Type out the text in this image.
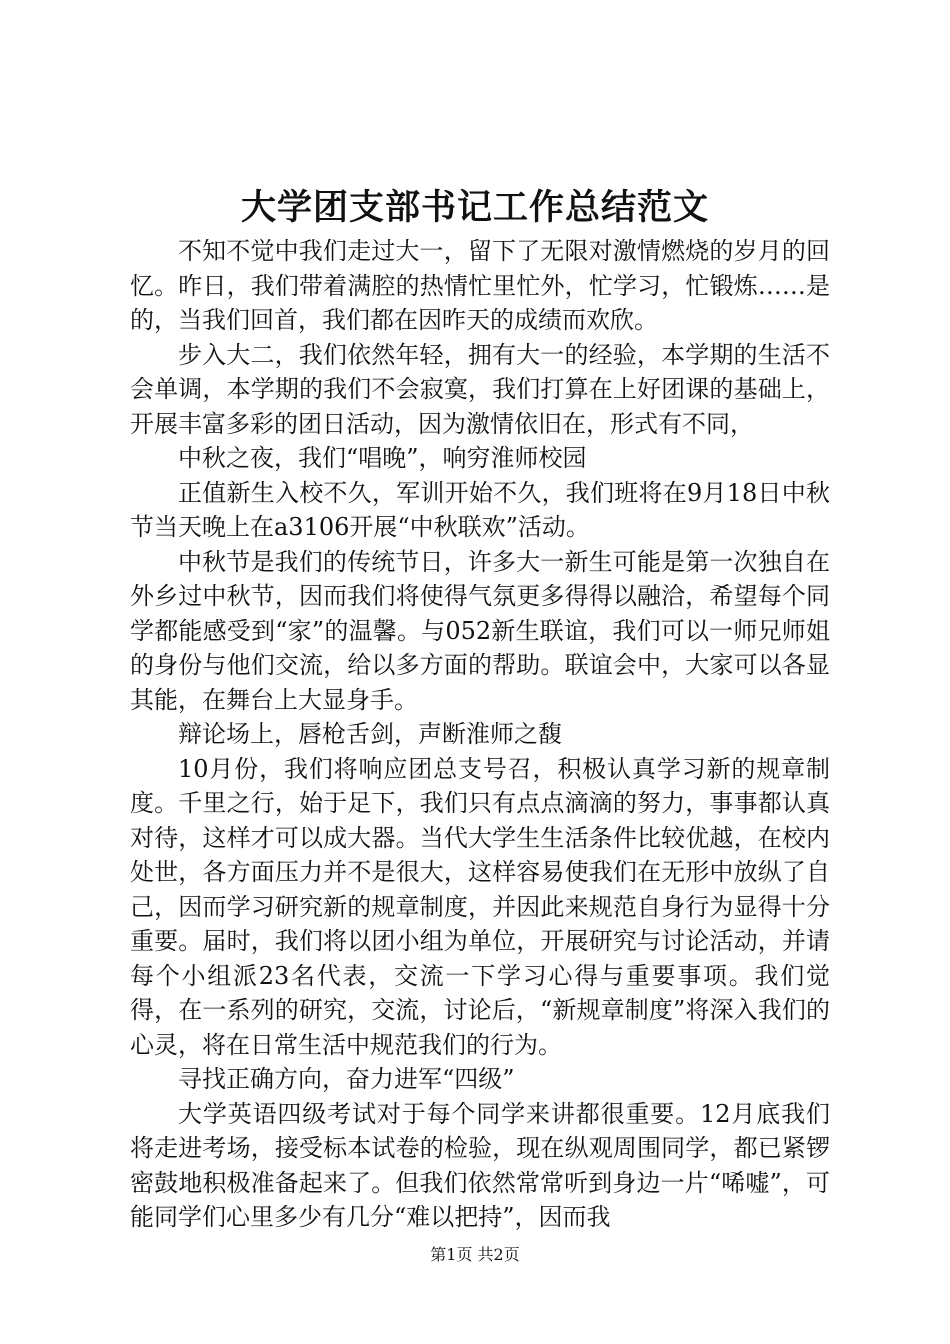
大学团支部书记工作总结范文

不知不觉中我们走过大一，留下了无限对激情燃烧的岁月的回忆。昨日，我们带着满腔的热情忙里忙外，忙学习，忙锻炼……是的，当我们回首，我们都在因昨天的成绩而欢欣。

步入大二，我们依然年轻，拥有大一的经验，本学期的生活不会单调，本学期的我们不会寂寞，我们打算在上好团课的基础上，开展丰富多彩的团日活动，因为激情依旧在，形式有不同，

中秋之夜，我们“唱晚”，响穷淮师校园

正值新生入校不久，军训开始不久，我们班将在9月18日中秋节当天晚上在a3106开展“中秋联欢”活动。

中秋节是我们的传统节日，许多大一新生可能是第一次独自在外乡过中秋节，因而我们将使得气氛更多得得以融洽，希望每个同学都能感受到“家”的温馨。与052新生联谊，我们可以一师兄师姐的身份与他们交流，给以多方面的帮助。联谊会中，大家可以各显其能，在舞台上大显身手。

辩论场上，唇枪舌剑，声断淮师之馥

10月份，我们将响应团总支号召，积极认真学习新的规章制度。千里之行，始于足下，我们只有点点滴滴的努力，事事都认真对待，这样才可以成大器。当代大学生生活条件比较优越，在校内处世，各方面压力并不是很大，这样容易使我们在无形中放纵了自己，因而学习研究新的规章制度，并因此来规范自身行为显得十分重要。届时，我们将以团小组为单位，开展研究与讨论活动，并请每个小组派23名代表，交流一下学习心得与重要事项。我们觉得，在一系列的研究，交流，讨论后，“新规章制度”将深入我们的心灵，将在日常生活中规范我们的行为。

寻找正确方向，奋力进军“四级”

大学英语四级考试对于每个同学来讲都很重要。12月底我们将走进考场，接受标本试卷的检验，现在纵观周围同学，都已紧锣密鼓地积极准备起来了。但我们依然常常听到身边一片“唏嘘”，可能同学们心里多少有几分“难以把持”，因而我

第1页 共2页
